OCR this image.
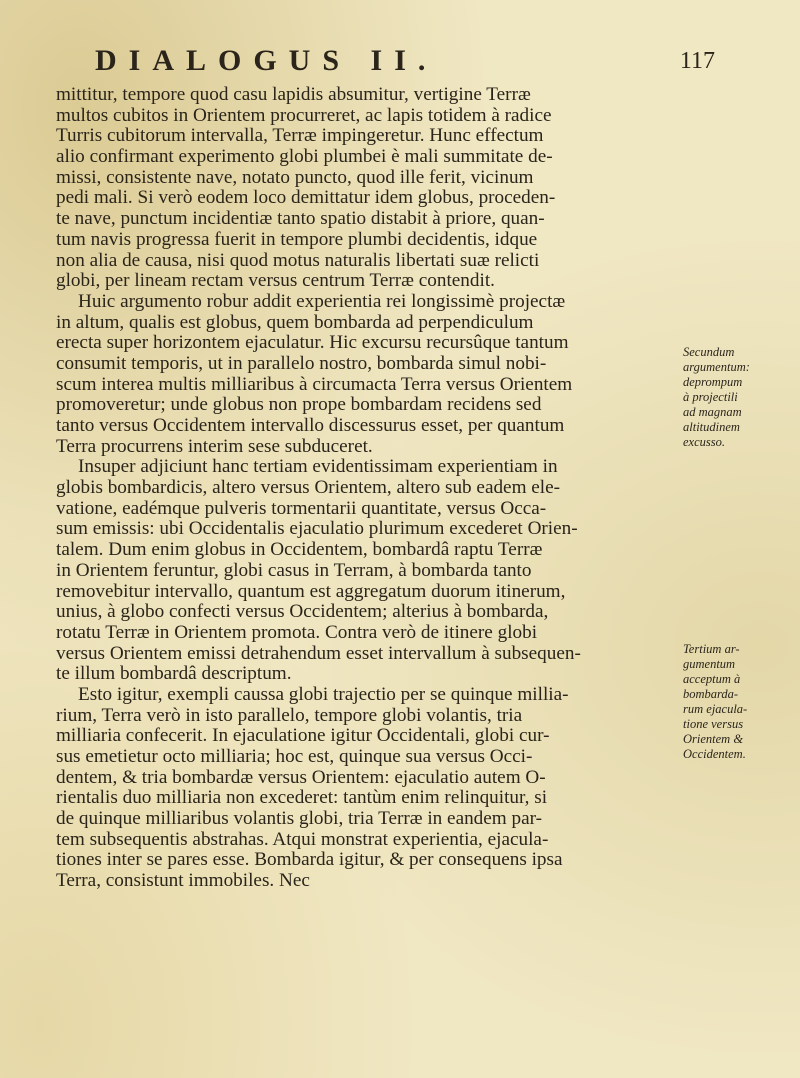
DIALOGUS II.	117
mittitur, tempore quod casu lapidis absumitur, vertigine Terræ
multos cubitos in Orientem procurreret, ac lapis totidem à radice
Turris cubitorum intervalla, Terræ impingeretur. Hunc effectum
alio confirmant experimento globi plumbei è mali summitate de-
missi, consistente nave, notato puncto, quod ille ferit, vicinum
pedi mali. Si verò eodem loco demittatur idem globus, proceden-
te nave, punctum incidentiæ tanto spatio distabit à priore, quan-
tum navis progressa fuerit in tempore plumbi decidentis, idque
non alia de causa, nisi quod motus naturalis libertati suæ relicti
globi, per lineam rectam versus centrum Terræ contendit.
Huic argumento robur addit experientia rei longissimè projectæ
in altum, qualis est globus, quem bombarda ad perpendiculum
erecta super horizontem ejaculatur. Hic excursu recursûque tantum
consumit temporis, ut in parallelo nostro, bombarda simul nobi-
scum interea multis milliaribus à circumacta Terra versus Orientem
promoveretur; unde globus non prope bombardam recidens sed
tanto versus Occidentem intervallo discessurus esset, per quantum
Terra procurrens interim sese subduceret.
Insuper adjiciunt hanc tertiam evidentissimam experientiam in
globis bombardicis, altero versus Orientem, altero sub eadem ele-
vatione, eadémque pulveris tormentarii quantitate, versus Occa-
sum emissis: ubi Occidentalis ejaculatio plurimum excederet Orien-
talem. Dum enim globus in Occidentem, bombardâ raptu Terræ
in Orientem feruntur, globi casus in Terram, à bombarda tanto
removebitur intervallo, quantum est aggregatum duorum itinerum,
unius, à globo confecti versus Occidentem; alterius à bombarda,
rotatu Terræ in Orientem promota. Contra verò de itinere globi
versus Orientem emissi detrahendum esset intervallum à subsequen-
te illum bombardâ descriptum.
Esto igitur, exempli caussa globi trajectio per se quinque millia-
rium, Terra verò in isto parallelo, tempore globi volantis, tria
milliaria confecerit. In ejaculatione igitur Occidentali, globi cur-
sus emetietur octo milliaria; hoc est, quinque sua versus Occi-
dentem, & tria bombardæ versus Orientem: ejaculatio autem O-
rientalis duo milliaria non excederet: tantùm enim relinquitur, si
de quinque milliaribus volantis globi, tria Terræ in eandem par-
tem subsequentis abstrahas. Atqui monstrat experientia, ejacula-
tiones inter se pares esse. Bombarda igitur, & per consequens ipsa
Terra, consistunt immobiles. Nec
Secundum
argumentum:
deprompum
à projectili
ad magnam
altitudinem
excusso.
Tertium ar-
gumentum
acceptum à
bombarda-
rum ejacula-
tione versus
Orientem &
Occidentem.
